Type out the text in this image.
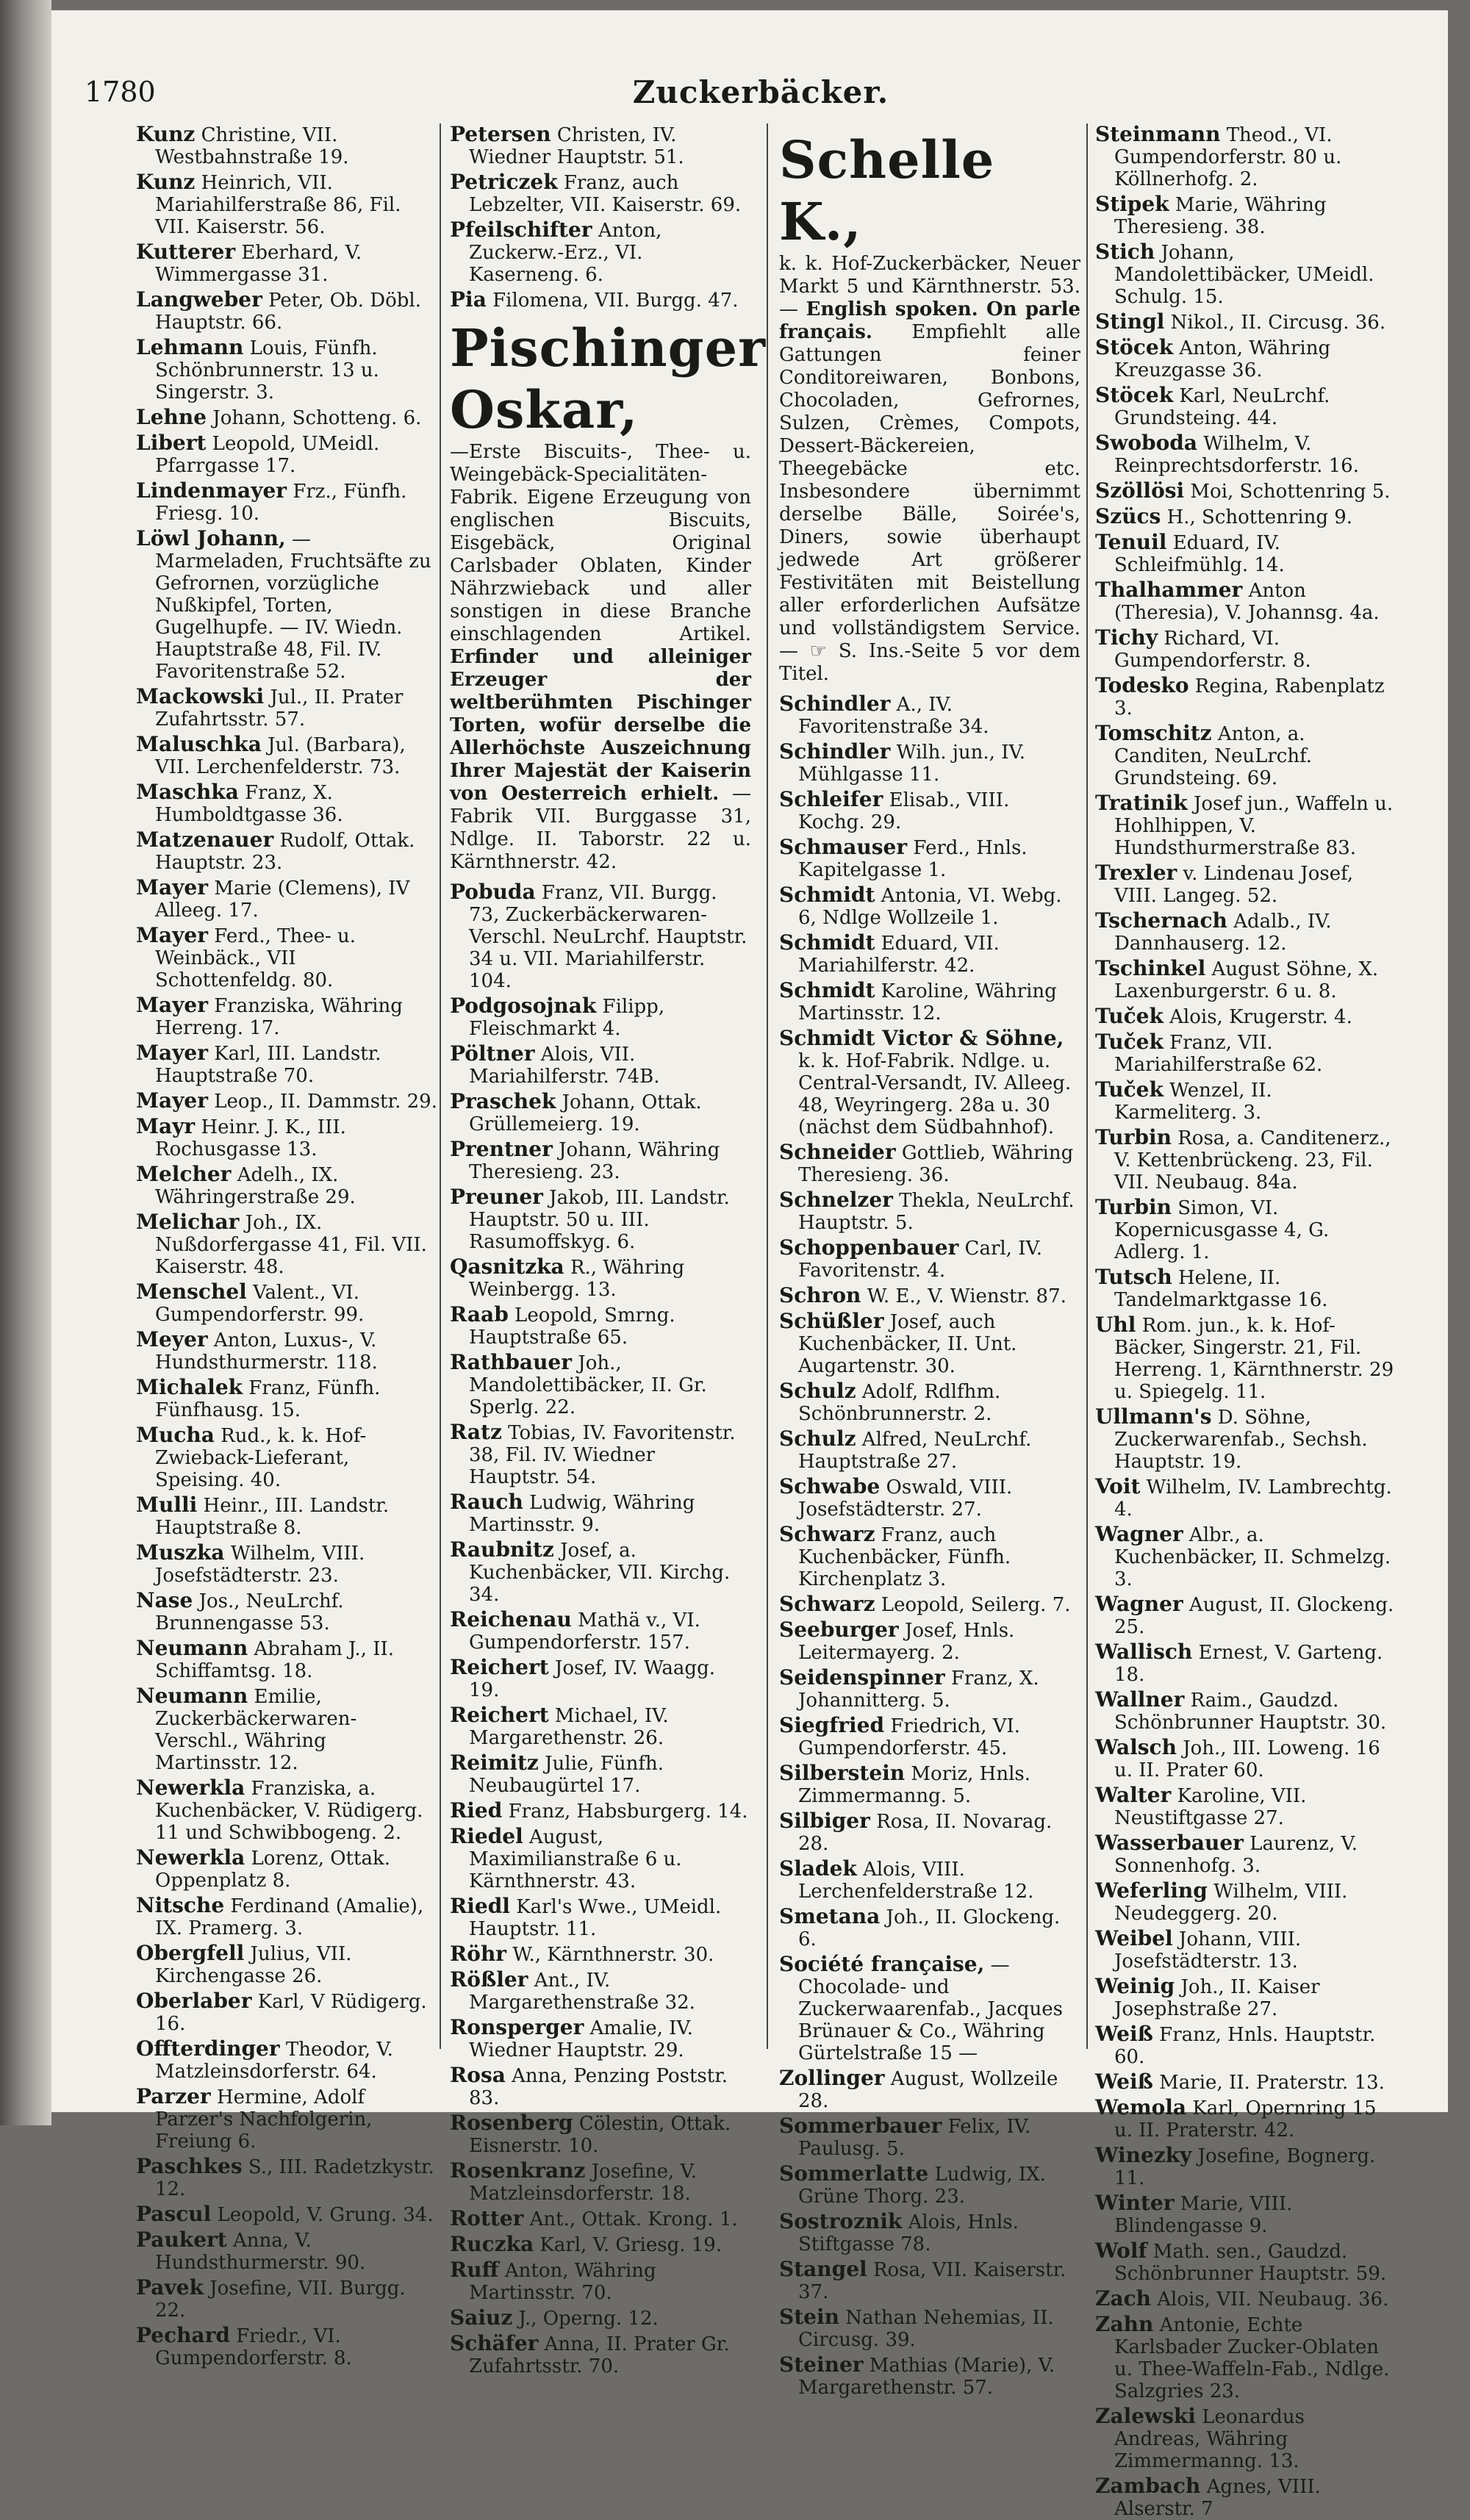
1780	Zuckerbäcker.
Kunz Christine, VII. Westbahnstraße 19.
Kunz Heinrich, VII. Mariahilferstraße 86, Fil. VII. Kaiserstr. 56.
Kutterer Eberhard, V. Wimmergasse 31.
Langweber Peter, Ob. Döbl. Hauptstr. 66.
Lehmann Louis, Fünfh. Schönbrunnerstr. 13 u. Singerstr. 3.
Lehne Johann, Schotteng. 6.
Libert Leopold, UMeidl. Pfarrgasse 17.
Lindenmayer Frz., Fünfh. Friesg. 10.
Löwl Johann, —Marmeladen, Fruchtsäfte zu Gefrornen, vorzügliche Nußkipfel, Torten, Gugelhupfe. — IV. Wiedn. Hauptstraße 48, Fil. IV. Favoritenstraße 52.
Mackowski Jul., II. Prater Zufahrtsstr. 57.
Maluschka Jul. (Barbara), VII. Lerchenfelderstr. 73.
Maschka Franz, X. Humboldtgasse 36.
Matzenauer Rudolf, Ottak. Hauptstr. 23.
Mayer Marie (Clemens), IV Alleeg. 17.
Mayer Ferd., Thee- u. Weinbäck., VII Schottenfeldg. 80.
Mayer Franziska, Währing Herreng. 17.
Mayer Karl, III. Landstr. Hauptstraße 70.
Mayer Leop., II. Dammstr. 29.
Mayr Heinr. J. K., III. Rochusgasse 13.
Melcher Adelh., IX. Währingerstraße 29.
Melichar Joh., IX. Nußdorfergasse 41, Fil. VII. Kaiserstr. 48.
Menschel Valent., VI. Gumpendorferstr. 99.
Meyer Anton, Luxus-, V. Hundsthurmerstr. 118.
Michalek Franz, Fünfh. Fünfhausg. 15.
Mucha Rud., k. k. Hof-Zwieback-Lieferant, Speising. 40.
Mulli Heinr., III. Landstr. Hauptstraße 8.
Muszka Wilhelm, VIII. Josefstädterstr. 23.
Nase Jos., NeuLrchf. Brunnengasse 53.
Neumann Abraham J., II. Schiffamtsg. 18.
Neumann Emilie, Zuckerbäckerwaren-Verschl., Währing Martinsstr. 12.
Newerkla Franziska, a. Kuchenbäcker, V. Rüdigerg. 11 und Schwibbogeng. 2.
Newerkla Lorenz, Ottak. Oppenplatz 8.
Nitsche Ferdinand (Amalie), IX. Pramerg. 3.
Obergfell Julius, VII. Kirchengasse 26.
Oberlaber Karl, V Rüdigerg. 16.
Offterdinger Theodor, V. Matzleinsdorferstr. 64.
Parzer Hermine, Adolf Parzer's Nachfolgerin, Freiung 6.
Paschkes S., III. Radetzkystr. 12.
Pascul Leopold, V. Grung. 34.
Paukert Anna, V. Hundsthurmerstr. 90.
Pavek Josefine, VII. Burgg. 22.
Pechard Friedr., VI. Gumpendorferstr. 8.
Petersen Christen, IV. Wiedner Hauptstr. 51.
Petriczek Franz, auch Lebzelter, VII. Kaiserstr. 69.
Pfeilschifter Anton, Zuckerw.-Erz., VI. Kaserneng. 6.
Pia Filomena, VII. Burgg. 47.
Pischinger Oskar,
—Erste Biscuits-, Thee- u. Weingebäck-Specialitäten-Fabrik. Eigene Erzeugung von englischen Biscuits, Eisgebäck, Original Carlsbader Oblaten, Kinder Nährzwieback und aller sonstigen in diese Branche einschlagenden Artikel. Erfinder und alleiniger Erzeuger der weltberühmten Pischinger Torten, wofür derselbe die Allerhöchste Auszeichnung Ihrer Majestät der Kaiserin von Oesterreich erhielt. — Fabrik VII. Burggasse 31, Ndlge. II. Taborstr. 22 u. Kärnthnerstr. 42.
Pobuda Franz, VII. Burgg. 73, Zuckerbäckerwaren-Verschl. NeuLrchf. Hauptstr. 34 u. VII. Mariahilferstr. 104.
Podgosojnak Filipp, Fleischmarkt 4.
Pöltner Alois, VII. Mariahilferstr. 74B.
Praschek Johann, Ottak. Grüllemeierg. 19.
Prentner Johann, Währing Theresieng. 23.
Preuner Jakob, III. Landstr. Hauptstr. 50 u. III. Rasumoffskyg. 6.
Qasnitzka R., Währing Weinbergg. 13.
Raab Leopold, Smrng. Hauptstraße 65.
Rathbauer Joh., Mandolettibäcker, II. Gr. Sperlg. 22.
Ratz Tobias, IV. Favoritenstr. 38, Fil. IV. Wiedner Hauptstr. 54.
Rauch Ludwig, Währing Martinsstr. 9.
Raubnitz Josef, a. Kuchenbäcker, VII. Kirchg. 34.
Reichenau Mathä v., VI. Gumpendorferstr. 157.
Reichert Josef, IV. Waagg. 19.
Reichert Michael, IV. Margarethenstr. 26.
Reimitz Julie, Fünfh. Neubaugürtel 17.
Ried Franz, Habsburgerg. 14.
Riedel August, Maximilianstraße 6 u. Kärnthnerstr. 43.
Riedl Karl's Wwe., UMeidl. Hauptstr. 11.
Röhr W., Kärnthnerstr. 30.
Rößler Ant., IV. Margarethenstraße 32.
Ronsperger Amalie, IV. Wiedner Hauptstr. 29.
Rosa Anna, Penzing Poststr. 83.
Rosenberg Cölestin, Ottak. Eisnerstr. 10.
Rosenkranz Josefine, V. Matzleinsdorferstr. 18.
Rotter Ant., Ottak. Krong. 1.
Ruczka Karl, V. Griesg. 19.
Ruff Anton, Währing Martinsstr. 70.
Saiuz J., Operng. 12.
Schäfer Anna, II. Prater Gr. Zufahrtsstr. 70.
Schelle K.,
k. k. Hof-Zuckerbäcker, Neuer Markt 5 und Kärnthnerstr. 53. — English spoken. On parle français. Empfiehlt alle Gattungen feiner Conditoreiwaren, Bonbons, Chocoladen, Gefrornes, Sulzen, Crèmes, Compots, Dessert-Bäckereien, Theegebäcke etc. Insbesondere übernimmt derselbe Bälle, Soirée's, Diners, sowie überhaupt jedwede Art größerer Festivitäten mit Beistellung aller erforderlichen Aufsätze und vollständigstem Service. — ☞ S. Ins.-Seite 5 vor dem Titel.
Schindler A., IV. Favoritenstraße 34.
Schindler Wilh. jun., IV. Mühlgasse 11.
Schleifer Elisab., VIII. Kochg. 29.
Schmauser Ferd., Hnls. Kapitelgasse 1.
Schmidt Antonia, VI. Webg. 6, Ndlge Wollzeile 1.
Schmidt Eduard, VII. Mariahilferstr. 42.
Schmidt Karoline, Währing Martinsstr. 12.
Schmidt Victor & Söhne, k. k. Hof-Fabrik. Ndlge. u. Central-Versandt, IV. Alleeg. 48, Weyringerg. 28a u. 30 (nächst dem Südbahnhof).
Schneider Gottlieb, Währing Theresieng. 36.
Schnelzer Thekla, NeuLrchf. Hauptstr. 5.
Schoppenbauer Carl, IV. Favoritenstr. 4.
Schron W. E., V. Wienstr. 87.
Schüßler Josef, auch Kuchenbäcker, II. Unt. Augartenstr. 30.
Schulz Adolf, Rdlfhm. Schönbrunnerstr. 2.
Schulz Alfred, NeuLrchf. Hauptstraße 27.
Schwabe Oswald, VIII. Josefstädterstr. 27.
Schwarz Franz, auch Kuchenbäcker, Fünfh. Kirchenplatz 3.
Schwarz Leopold, Seilerg. 7.
Seeburger Josef, Hnls. Leitermayerg. 2.
Seidenspinner Franz, X. Johannitterg. 5.
Siegfried Friedrich, VI. Gumpendorferstr. 45.
Silberstein Moriz, Hnls. Zimmermanng. 5.
Silbiger Rosa, II. Novarag. 28.
Sladek Alois, VIII. Lerchenfelderstraße 12.
Smetana Joh., II. Glockeng. 6.
Société française, —Chocolade- und Zuckerwaarenfab., Jacques Brünauer & Co., Währing Gürtelstraße 15 —
Zollinger August, Wollzeile 28.
Sommerbauer Felix, IV. Paulusg. 5.
Sommerlatte Ludwig, IX. Grüne Thorg. 23.
Sostroznik Alois, Hnls. Stiftgasse 78.
Stangel Rosa, VII. Kaiserstr. 37.
Stein Nathan Nehemias, II. Circusg. 39.
Steiner Mathias (Marie), V. Margarethenstr. 57.
Steinmann Theod., VI. Gumpendorferstr. 80 u. Köllnerhofg. 2.
Stipek Marie, Währing Theresieng. 38.
Stich Johann, Mandolettibäcker, UMeidl. Schulg. 15.
Stingl Nikol., II. Circusg. 36.
Stöcek Anton, Währing Kreuzgasse 36.
Stöcek Karl, NeuLrchf. Grundsteing. 44.
Swoboda Wilhelm, V. Reinprechtsdorferstr. 16.
Szöllösi Moi, Schottenring 5.
Szücs H., Schottenring 9.
Tenuil Eduard, IV. Schleifmühlg. 14.
Thalhammer Anton (Theresia), V. Johannsg. 4a.
Tichy Richard, VI. Gumpendorferstr. 8.
Todesko Regina, Rabenplatz 3.
Tomschitz Anton, a. Canditen, NeuLrchf. Grundsteing. 69.
Tratinik Josef jun., Waffeln u. Hohlhippen, V. Hundsthurmerstraße 83.
Trexler v. Lindenau Josef, VIII. Langeg. 52.
Tschernach Adalb., IV. Dannhauserg. 12.
Tschinkel August Söhne, X. Laxenburgerstr. 6 u. 8.
Tuček Alois, Krugerstr. 4.
Tuček Franz, VII. Mariahilferstraße 62.
Tuček Wenzel, II. Karmeliterg. 3.
Turbin Rosa, a. Canditenerz., V. Kettenbrückeng. 23, Fil. VII. Neubaug. 84a.
Turbin Simon, VI. Kopernicusgasse 4, G. Adlerg. 1.
Tutsch Helene, II. Tandelmarktgasse 16.
Uhl Rom. jun., k. k. Hof-Bäcker, Singerstr. 21, Fil. Herreng. 1, Kärnthnerstr. 29 u. Spiegelg. 11.
Ullmann's D. Söhne, Zuckerwarenfab., Sechsh. Hauptstr. 19.
Voit Wilhelm, IV. Lambrechtg. 4.
Wagner Albr., a. Kuchenbäcker, II. Schmelzg. 3.
Wagner August, II. Glockeng. 25.
Wallisch Ernest, V. Garteng. 18.
Wallner Raim., Gaudzd. Schönbrunner Hauptstr. 30.
Walsch Joh., III. Loweng. 16 u. II. Prater 60.
Walter Karoline, VII. Neustiftgasse 27.
Wasserbauer Laurenz, V. Sonnenhofg. 3.
Weferling Wilhelm, VIII. Neudeggerg. 20.
Weibel Johann, VIII. Josefstädterstr. 13.
Weinig Joh., II. Kaiser Josephstraße 27.
Weiß Franz, Hnls. Hauptstr. 60.
Weiß Marie, II. Praterstr. 13.
Wemola Karl, Opernring 15 u. II. Praterstr. 42.
Winezky Josefine, Bognerg. 11.
Winter Marie, VIII. Blindengasse 9.
Wolf Math. sen., Gaudzd. Schönbrunner Hauptstr. 59.
Zach Alois, VII. Neubaug. 36.
Zahn Antonie, Echte Karlsbader Zucker-Oblaten u. Thee-Waffeln-Fab., Ndlge. Salzgries 23.
Zalewski Leonardus Andreas, Währing Zimmermanng. 13.
Zambach Agnes, VIII. Alserstr. 7
